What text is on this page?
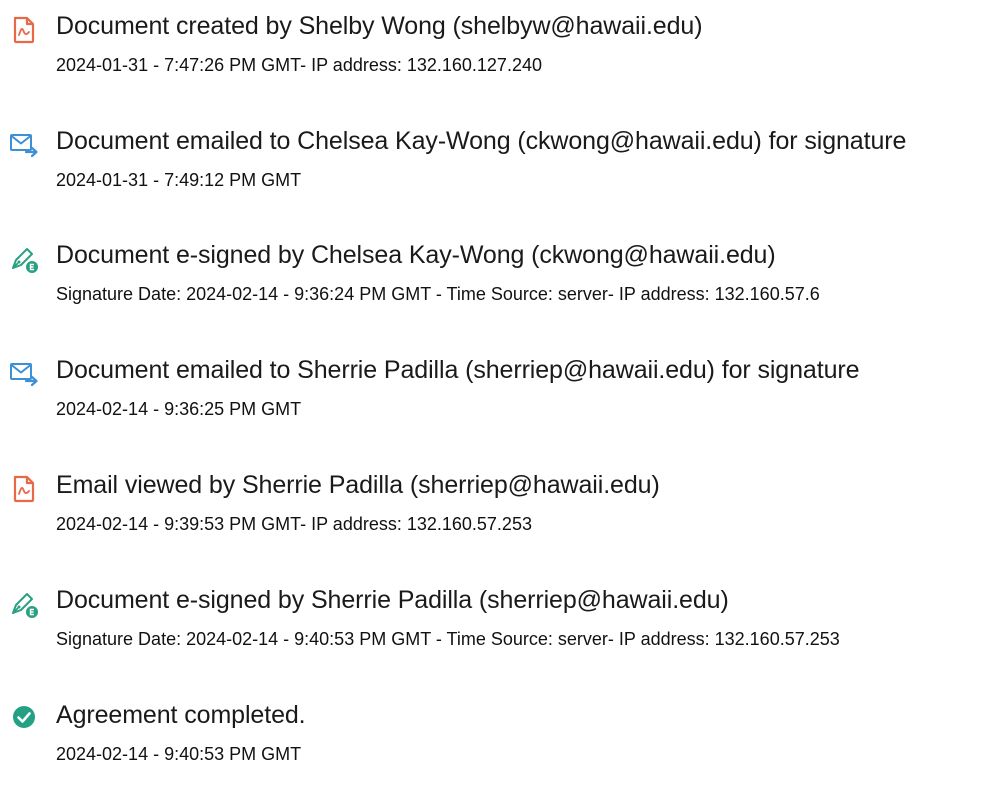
Document created by Shelby Wong (shelbyw@hawaii.edu)
2024-01-31 - 7:47:26 PM GMT- IP address: 132.160.127.240
Document emailed to Chelsea Kay-Wong (ckwong@hawaii.edu) for signature
2024-01-31 - 7:49:12 PM GMT
Document e-signed by Chelsea Kay-Wong (ckwong@hawaii.edu)
Signature Date: 2024-02-14 - 9:36:24 PM GMT - Time Source: server- IP address: 132.160.57.6
Document emailed to Sherrie Padilla (sherriep@hawaii.edu) for signature
2024-02-14 - 9:36:25 PM GMT
Email viewed by Sherrie Padilla (sherriep@hawaii.edu)
2024-02-14 - 9:39:53 PM GMT- IP address: 132.160.57.253
Document e-signed by Sherrie Padilla (sherriep@hawaii.edu)
Signature Date: 2024-02-14 - 9:40:53 PM GMT - Time Source: server- IP address: 132.160.57.253
Agreement completed.
2024-02-14 - 9:40:53 PM GMT
